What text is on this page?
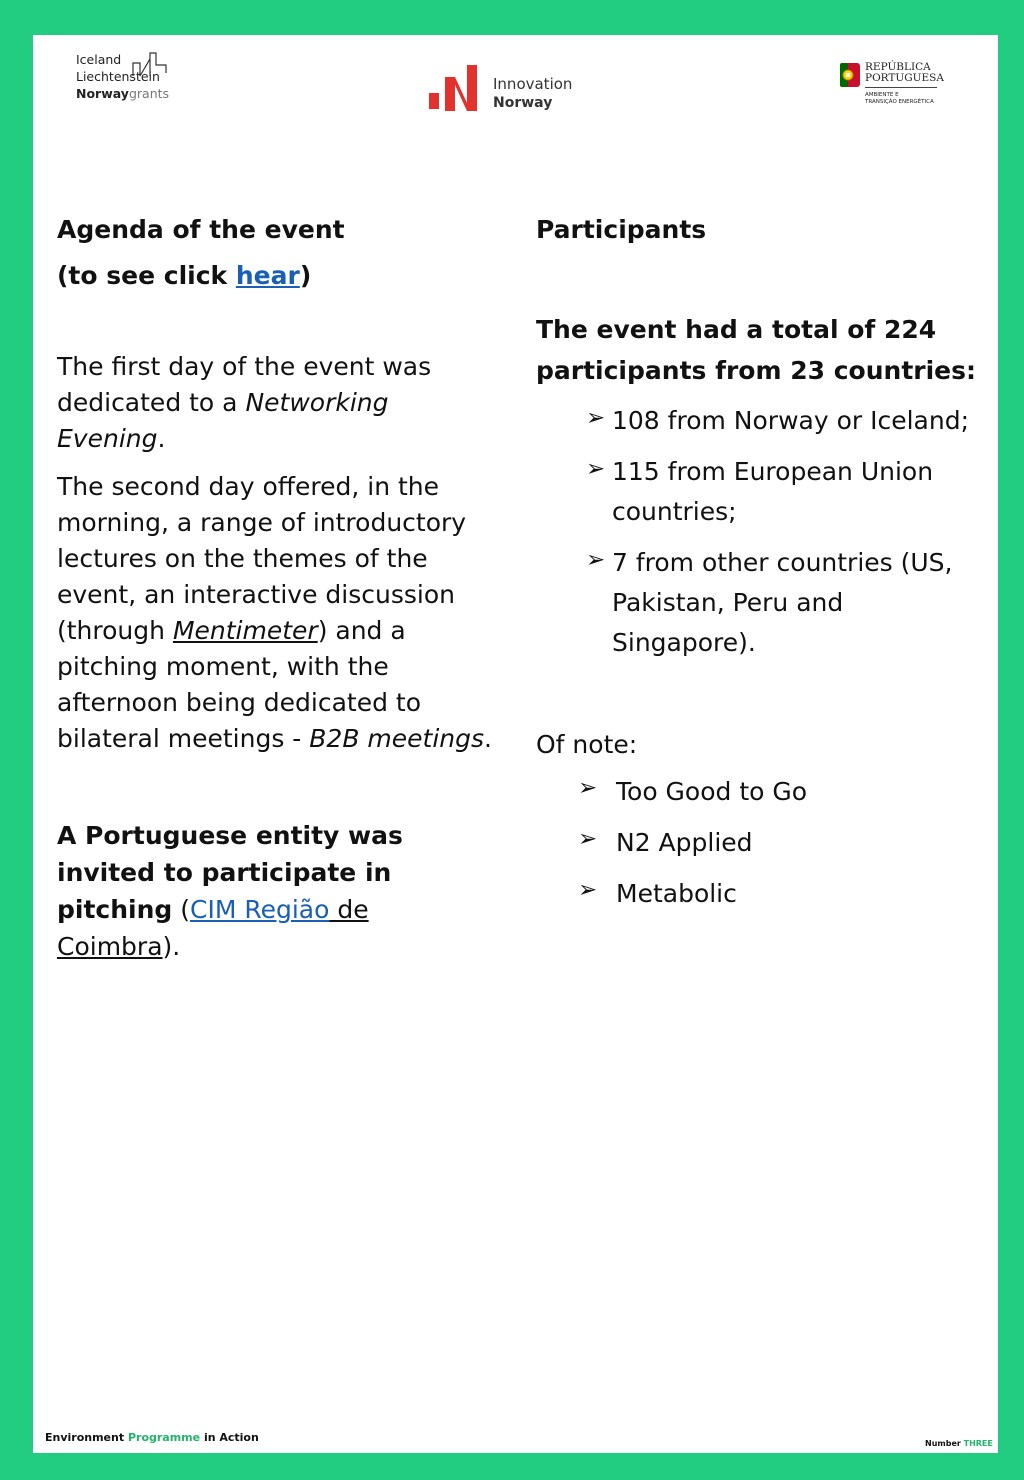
Iceland
Liechtenstein
Norwaygrants
Innovation
Norway
REPÚBLICA
PORTUGUESA
AMBIENTE E
TRANSIÇÃO ENERGÉTICA

Agenda of the event

(to see click hear)

The first day of the event was dedicated to a Networking Evening.

The second day offered, in the morning, a range of introductory lectures on the themes of the event, an interactive discussion (through Mentimeter) and a pitching moment, with the afternoon being dedicated to bilateral meetings - B2B meetings.

A Portuguese entity was invited to participate in pitching (CIM Região de Coimbra).

Participants

The event had a total of 224 participants from 23 countries:

➢ 108 from Norway or Iceland;
➢ 115 from European Union countries;
➢ 7 from other countries (US, Pakistan, Peru and Singapore).

Of note:

➢ Too Good to Go
➢ N2 Applied
➢ Metabolic
Environment Programme in Action	Number THREE
